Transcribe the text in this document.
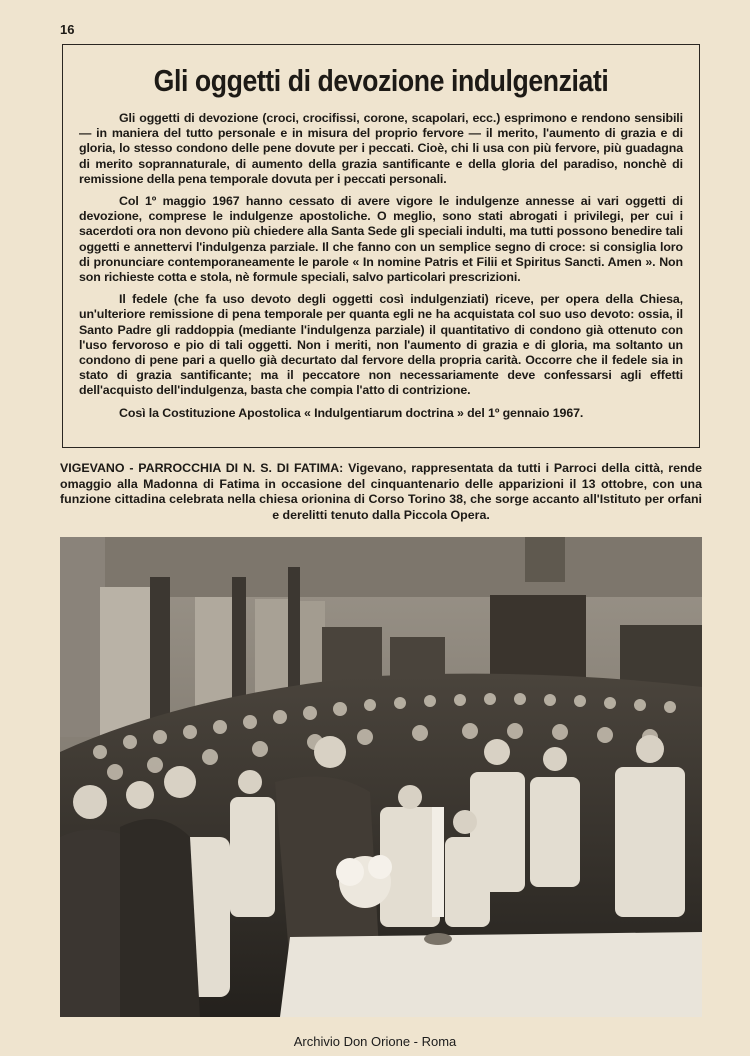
16
Gli oggetti di devozione indulgenziati

Gli oggetti di devozione (croci, crocifissi, corone, scapolari, ecc.) esprimono e rendono sensibili — in maniera del tutto personale e in misura del proprio fervore — il merito, l'aumento di grazia e di gloria, lo stesso condono delle pene dovute per i peccati. Cioè, chi li usa con più fervore, più guadagna di merito soprannaturale, di aumento della grazia santificante e della gloria del paradiso, nonchè di remissione della pena temporale dovuta per i peccati personali.

Col 1º maggio 1967 hanno cessato di avere vigore le indulgenze annesse ai vari oggetti di devozione, comprese le indulgenze apostoliche. O meglio, sono stati abrogati i privilegi, per cui i sacerdoti ora non devono più chiedere alla Santa Sede gli speciali indulti, ma tutti possono benedire tali oggetti e annettervi l'indulgenza parziale. Il che fanno con un semplice segno di croce: si consiglia loro di pronunciare contemporaneamente le parole « In nomine Patris et Filii et Spiritus Sancti. Amen ». Non son richieste cotta e stola, nè formule speciali, salvo particolari prescrizioni.

Il fedele (che fa uso devoto degli oggetti così indulgenziati) riceve, per opera della Chiesa, un'ulteriore remissione di pena temporale per quanta egli ne ha acquistata col suo uso devoto: ossia, il Santo Padre gli raddoppia (mediante l'indulgenza parziale) il quantitativo di condono già ottenuto con l'uso fervoroso e pio di tali oggetti. Non i meriti, non l'aumento di grazia e di gloria, ma soltanto un condono di pene pari a quello già decurtato dal fervore della propria carità. Occorre che il fedele sia in stato di grazia santificante; ma il peccatore non necessariamente deve confessarsi agli effetti dell'acquisto dell'indulgenza, basta che compia l'atto di contrizione.

Così la Costituzione Apostolica « Indulgentiarum doctrina » del 1º gennaio 1967.

VIGEVANO - PARROCCHIA DI N. S. DI FATIMA: Vigevano, rappresentata da tutti i Parroci della città, rende omaggio alla Madonna di Fatima in occasione del cinquantenario delle apparizioni il 13 ottobre, con una funzione cittadina celebrata nella chiesa orionina di Corso Torino 38, che sorge accanto all'Istituto per orfani e derelitti tenuto dalla Piccola Opera.
Archivio Don Orione - Roma
